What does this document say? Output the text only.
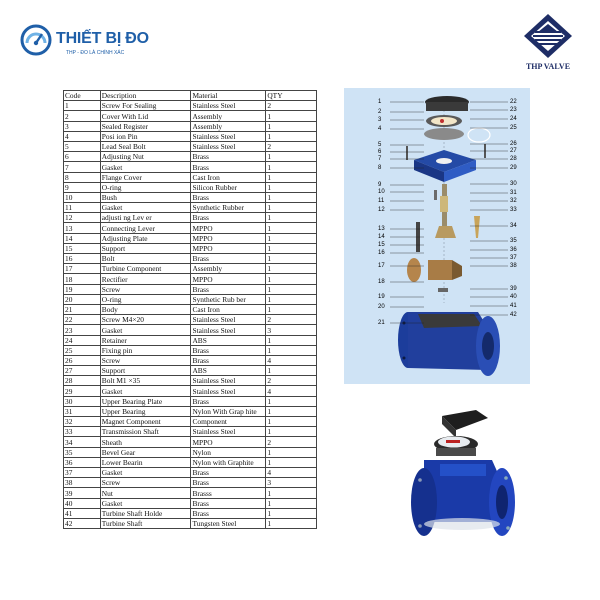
THIẾT BỊ ĐO
THP - ĐO LÀ CHÍNH XÁC
THP VALVE
Code	Description	Material	QTY
1	Screw For Sealing	Stainless Steel	2
2	Cover With Lid	Assembly	1
3	Sealed Register	Assembly	1
4	Posi ion Pin	Stainless Steel	1
5	Lead Seal Bolt	Stainless Steel	2
6	Adjusting Nut	Brass	1
7	Gasket	Brass	1
8	Flange Cover	Cast Iron	1
9	O-ring	Silicon Rubber	1
10	Bush	Brass	1
11	Gasket	Synthetic Rubber	1
12	adjusti ng Lev er	Brass	1
13	Connecting Lever	MPPO	1
14	Adjusting Plate	MPPO	1
15	Support	MPPO	1
16	Bolt	Brass	1
17	Turbine Component	Assembly	1
18	Rectifier	MPPO	1
19	Screw	Brass	1
20	O-ring	Synthetic Rub ber	1
21	Body	Cast Iron	1
22	Screw M4×20	Stainless Steel	2
23	Gasket	Stainless Steel	3
24	Retainer	ABS	1
25	Fixing pin	Brass	1
26	Screw	Brass	4
27	Support	ABS	1
28	Bolt M1 ×35	Stainless Steel	2
29	Gasket	Stainless Steel	4
30	Upper Bearing Plate	Brass	1
31	Upper Bearing	Nylon With Grap hite	1
32	Magnet Component	Component	1
33	Transmission Shaft	Stainless Steel	1
34	Sheath	MPPO	2
35	Bevel Gear	Nylon	1
36	Lower Bearin	Nylon with Graphite	1
37	Gasket	Brass	4
38	Screw	Brass	3
39	Nut	Brasss	1
40	Gasket	Brass	1
41	Turbine Shaft Holde	Brass	1
42	Turbine Shaft	Tungsten Steel	1
1
2
3
4
5
6
7
8
9
10
11
12
13
14
15
16
17
18
19
20
21
22
23
24
25
26
27
28
29
30
31
32
33
34
35
36
37
38
39
40
41
42
